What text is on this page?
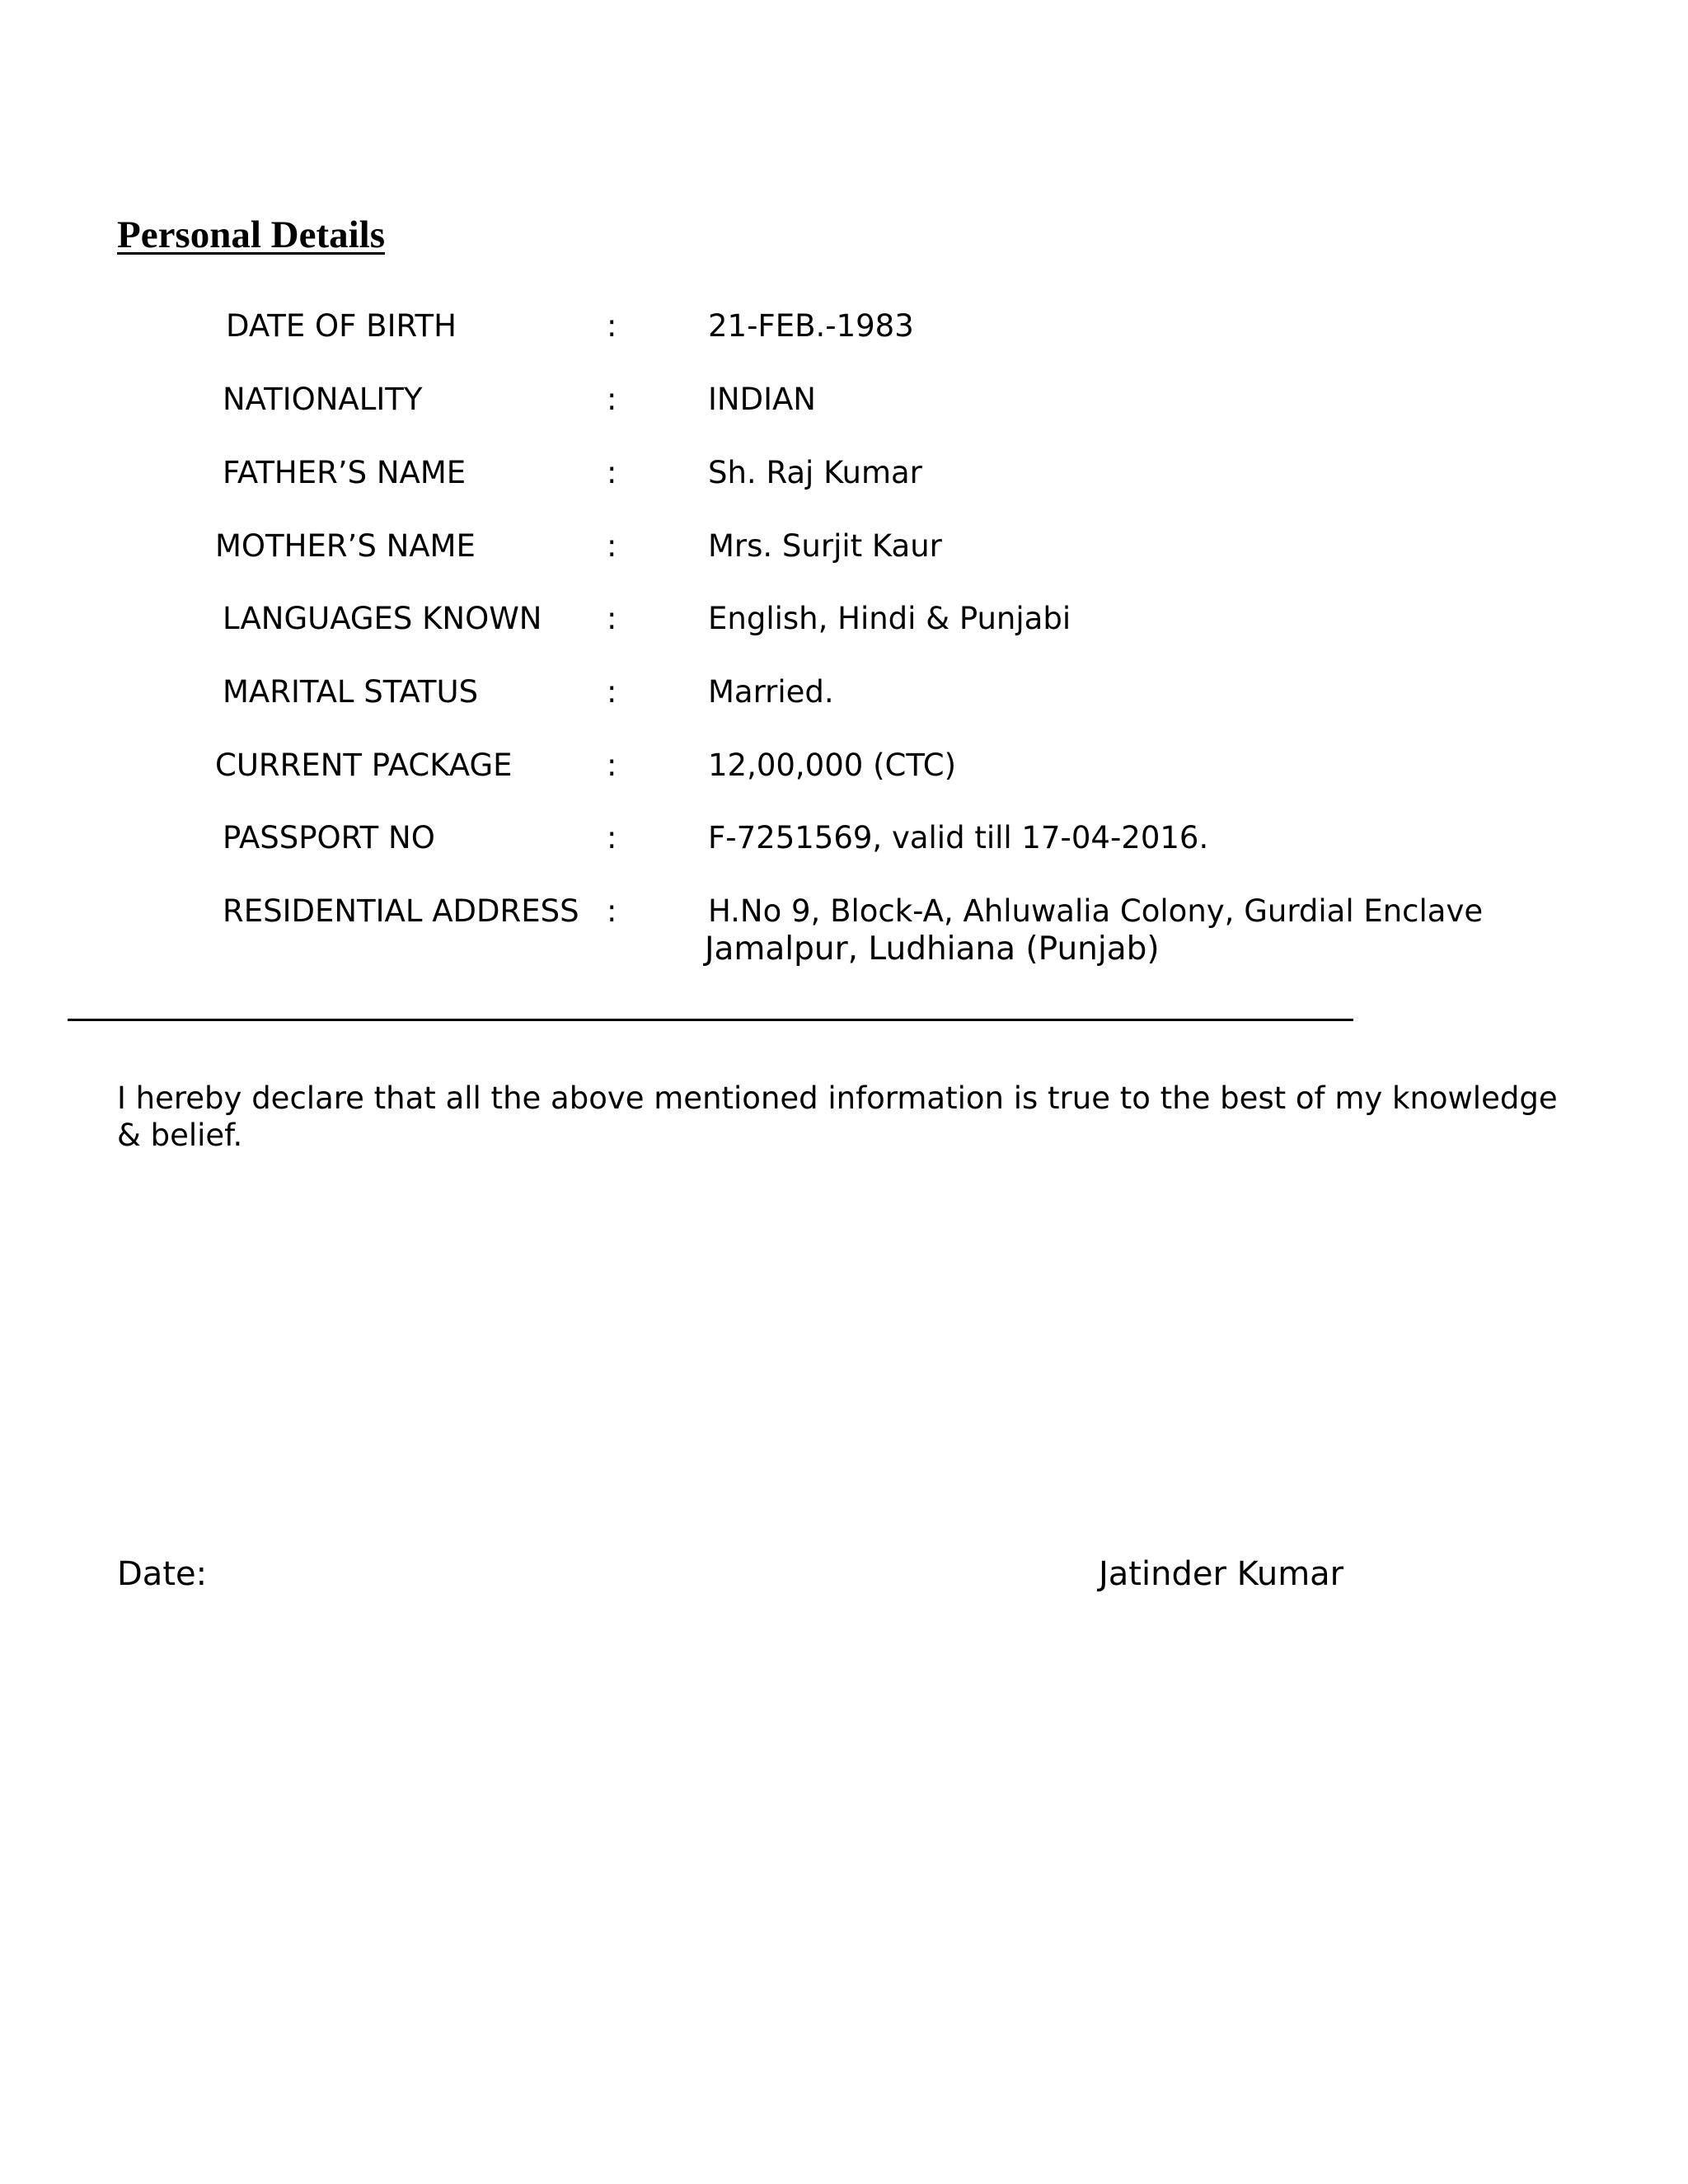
Personal Details
DATE OF BIRTH	:	21-FEB.-1983
NATIONALITY	:	INDIAN
FATHER’S NAME	:	Sh. Raj Kumar
MOTHER’S NAME	:	Mrs. Surjit Kaur
LANGUAGES KNOWN :	English, Hindi & Punjabi
MARITAL STATUS	:	Married.
CURRENT PACKAGE	:	12,00,000 (CTC)
PASSPORT NO	:	F-7251569, valid till 17-04-2016.
RESIDENTIAL ADDRESS :	H.No 9, Block-A, Ahluwalia Colony, Gurdial Enclave
Jamalpur, Ludhiana (Punjab)

I hereby declare that all the above mentioned information is true to the best of my knowledge & belief.

Date:	Jatinder Kumar
